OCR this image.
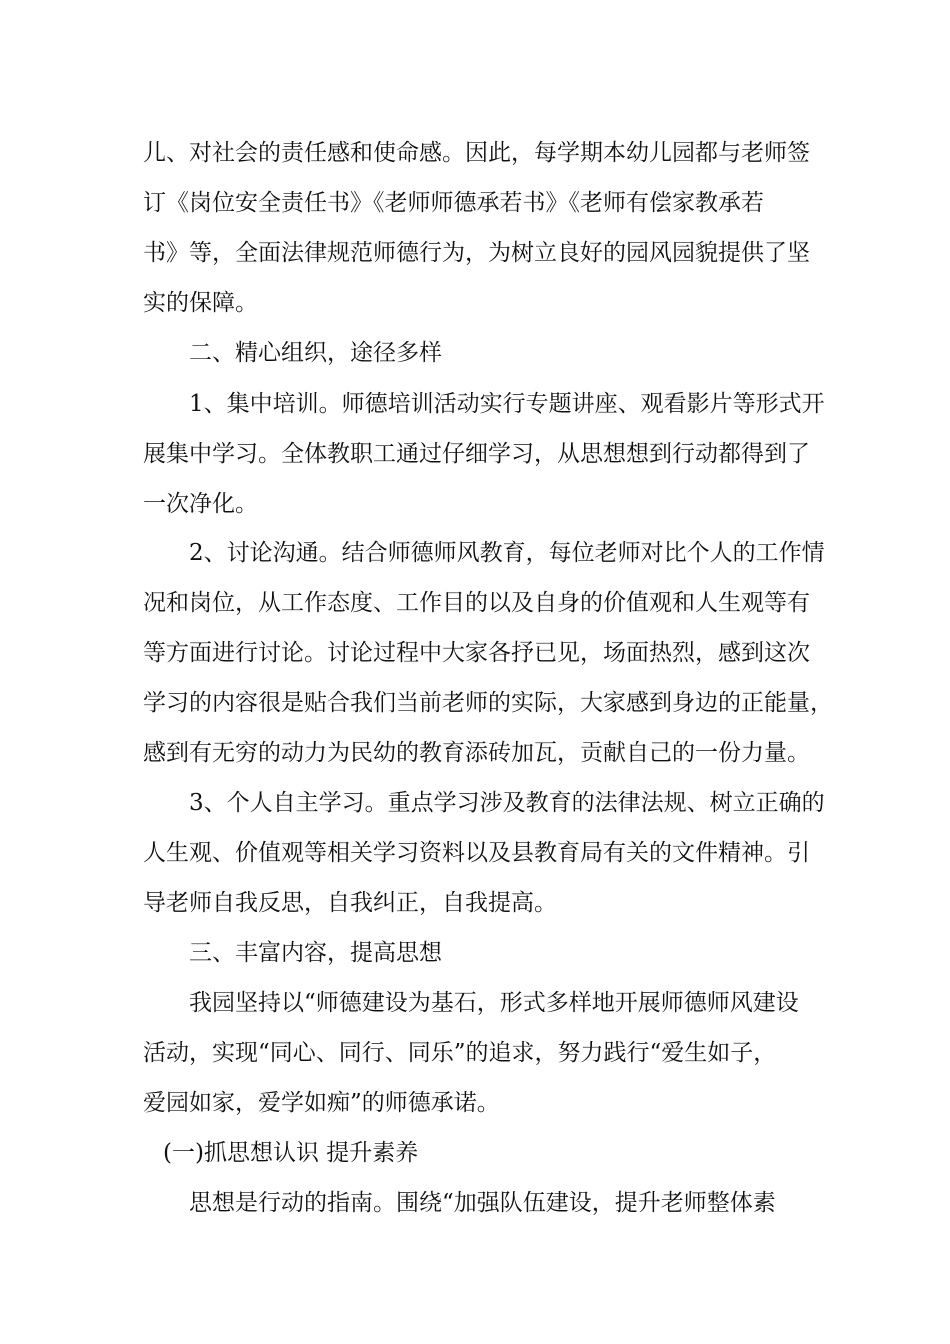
儿、对社会的责任感和使命感。因此，每学期本幼儿园都与老师签
订《岗位安全责任书》《老师师德承若书》《老师有偿家教承若
书》等，全面法律规范师德行为，为树立良好的园风园貌提供了坚
实的保障。
二、精心组织，途径多样
1、集中培训。师德培训活动实行专题讲座、观看影片等形式开
展集中学习。全体教职工通过仔细学习，从思想想到行动都得到了
一次净化。
2、讨论沟通。结合师德师风教育，每位老师对比个人的工作情
况和岗位，从工作态度、工作目的以及自身的价值观和人生观等有
等方面进行讨论。讨论过程中大家各抒已见，场面热烈，感到这次
学习的内容很是贴合我们当前老师的实际，大家感到身边的正能量，
感到有无穷的动力为民幼的教育添砖加瓦，贡献自己的一份力量。
3、个人自主学习。重点学习涉及教育的法律法规、树立正确的
人生观、价值观等相关学习资料以及县教育局有关的文件精神。引
导老师自我反思，自我纠正，自我提高。
三、丰富内容，提高思想
我园坚持以“师德建设为基石，形式多样地开展师德师风建设
活动，实现“同心、同行、同乐”的追求，努力践行“爱生如子，
爱园如家，爱学如痴”的师德承诺。
(一)抓思想认识 提升素养
思想是行动的指南。围绕“加强队伍建设，提升老师整体素
